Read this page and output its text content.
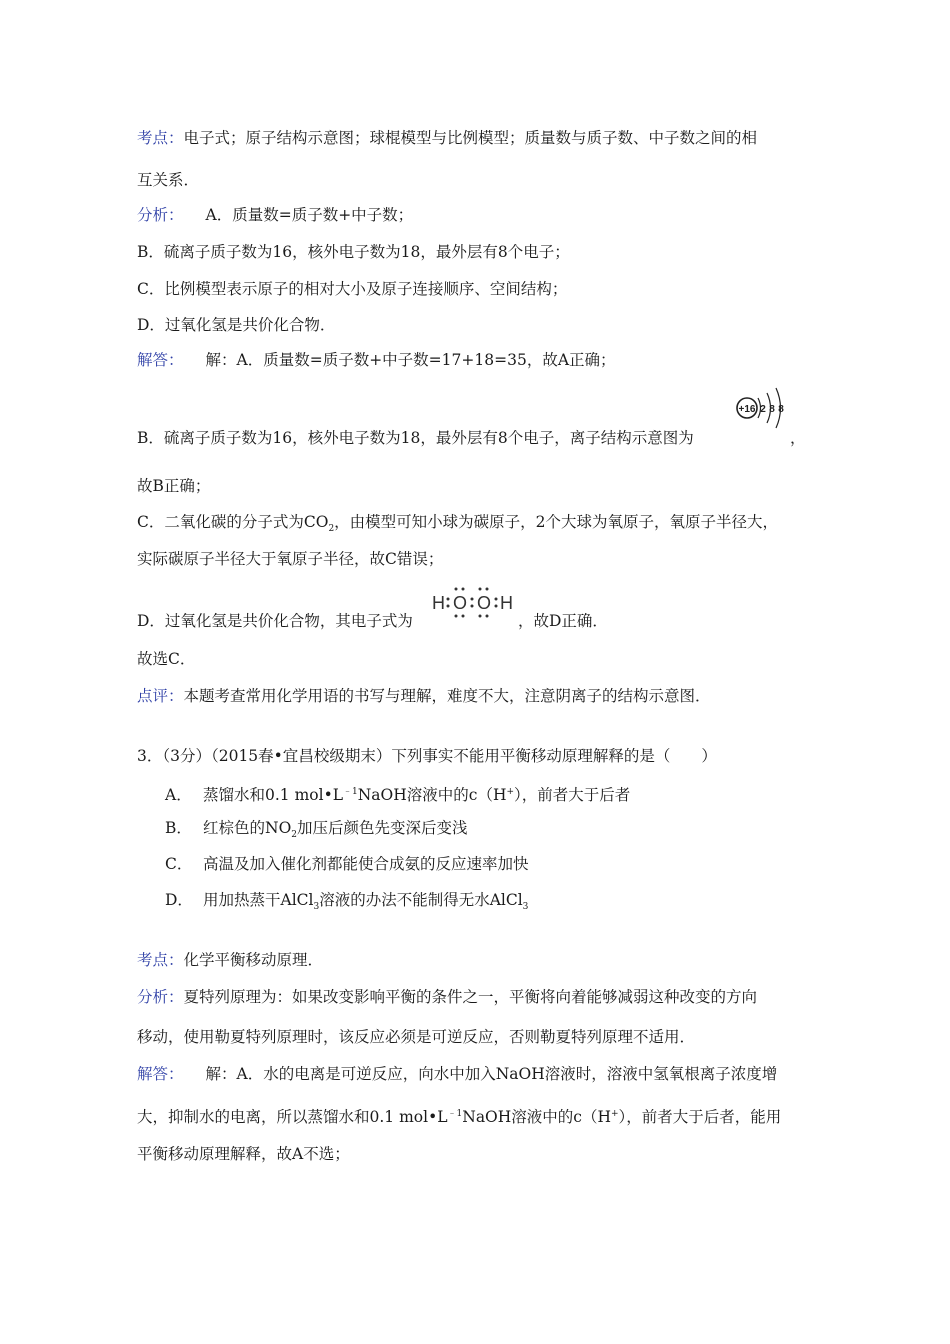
考点：电子式；原子结构示意图；球棍模型与比例模型；质量数与质子数、中子数之间的相
互关系．
分析： A．质量数=质子数+中子数；
B．硫离子质子数为16，核外电子数为18，最外层有8个电子；
C．比例模型表示原子的相对大小及原子连接顺序、空间结构；
D．过氧化氢是共价化合物．
解答： 解：A．质量数=质子数+中子数=17+18=35，故A正确；
+16 2 8 8
B．硫离子质子数为16，核外电子数为18，最外层有8个电子，离子结构示意图为	，
故B正确；
C．二氧化碳的分子式为$CO_2$，由模型可知小球为碳原子，2个大球为氧原子，氧原子半径大，
实际碳原子半径大于氧原子半径，故C错误；
D．过氧化氢是共价化合物，其电子式为
H O O H
，故D正确．
故选C．
点评：本题考查常用化学用语的书写与理解，难度不大，注意阴离子的结构示意图．
3．（3分）（2015春•宜昌校级期末）下列事实不能用平衡移动原理解释的是（　　）
A． 蒸馏水和0.1 $mol•L^{﹣1}NaOH$溶液中的c（H+），前者大于后者
B． 红棕色的$NO_2$加压后颜色先变深后变浅
C． 高温及加入催化剂都能使合成氨的反应速率加快
D． 用加热蒸干AlCl$_3$溶液的办法不能制得无水AlCl$_3$
考点：化学平衡移动原理．
分析：夏特列原理为：如果改变影响平衡的条件之一，平衡将向着能够减弱这种改变的方向
移动，使用勒夏特列原理时，该反应必须是可逆反应，否则勒夏特列原理不适用．
解答： 解：A．水的电离是可逆反应，向水中加入NaOH溶液时，溶液中氢氧根离子浓度增
大，抑制水的电离，所以蒸馏水和0.1 $mol•L^{﹣1}NaOH$溶液中的c（H+），前者大于后者，能用
平衡移动原理解释，故A不选；
